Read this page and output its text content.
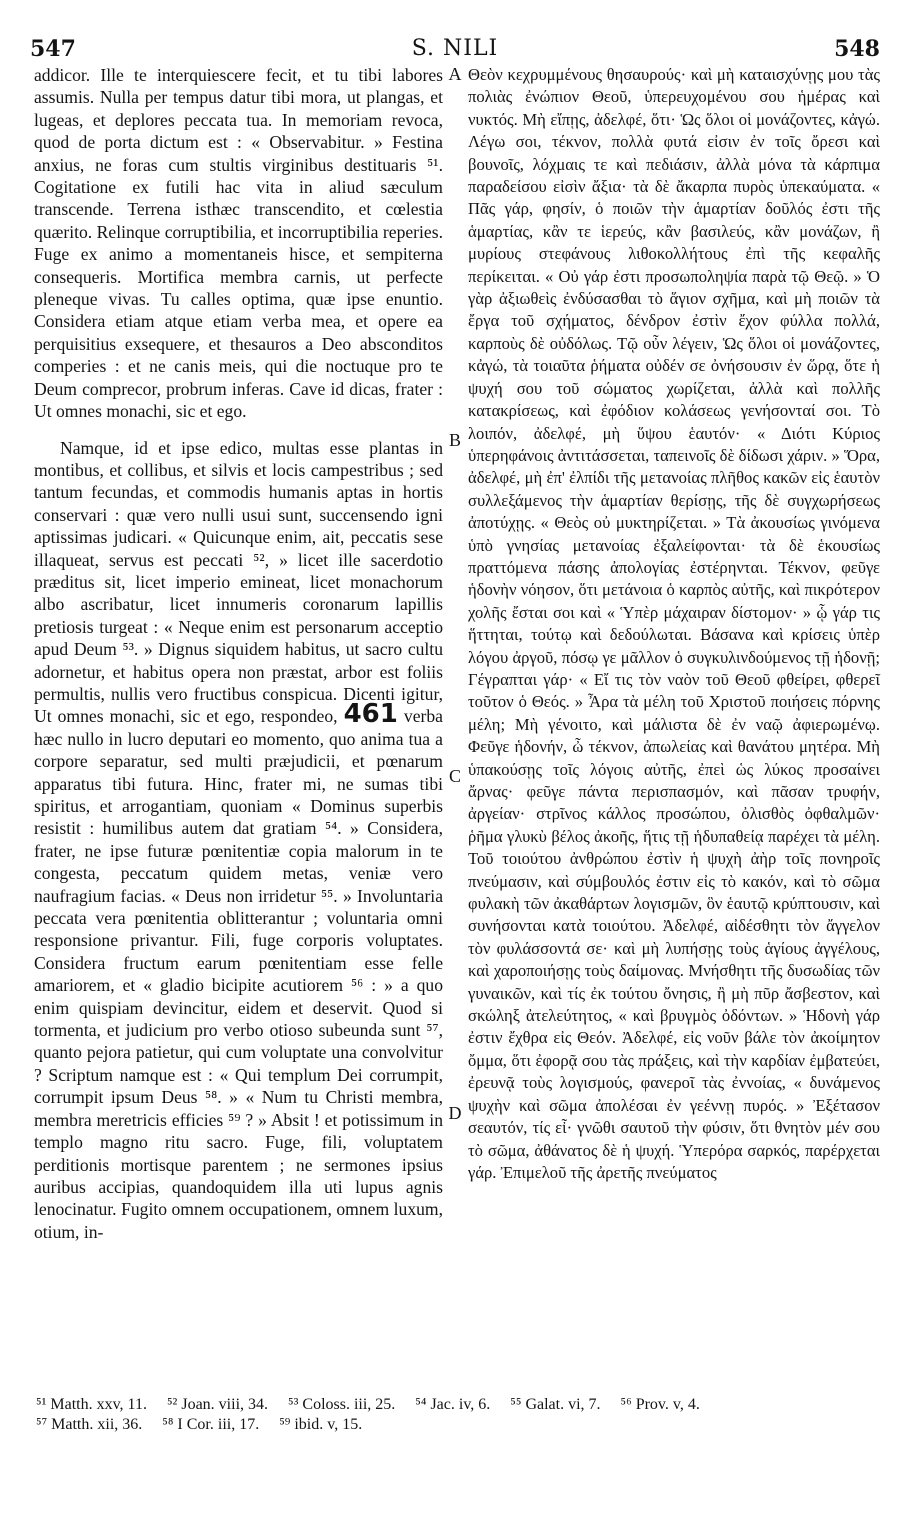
547	S. NILI	548

addicor. Ille te interquiescere fecit, et tu tibi labores assumis. Nulla per tempus datur tibi mora, ut plangas, et lugeas, et deplores peccata tua. In memoriam revoca, quod de porta dictum est : « Observabitur. » Festina anxius, ne foras cum stultis virginibus destituaris ⁵¹. Cogitatione ex futili hac vita in aliud sæculum transcende. Terrena isthæc transcendito, et cœlestia quærito. Relinque corruptibilia, et incorruptibilia reperies. Fuge ex animo a momentaneis hisce, et sempiterna consequeris. Mortifica membra carnis, ut perfecte pleneque vivas. Tu calles optima, quæ ipse enuntio. Considera etiam atque etiam verba mea, et opere ea perquisitius exsequere, et thesauros a Deo absconditos comperies : et ne canis meis, qui die noctuque pro te Deum comprecor, probrum inferas. Cave id dicas, frater : Ut omnes monachi, sic et ego.

Namque, id et ipse edico, multas esse plantas in montibus, et collibus, et silvis et locis campestribus ; sed tantum fecundas, et commodis humanis aptas in hortis conservari : quæ vero nulli usui sunt, succensendo igni aptissimas judicari. « Quicunque enim, ait, peccatis sese illaqueat, servus est peccati ⁵², » licet ille sacerdotio præditus sit, licet imperio emineat, licet monachorum albo ascribatur, licet innumeris coronarum lapillis pretiosis turgeat : « Neque enim est personarum acceptio apud Deum ⁵³. » Dignus siquidem habitus, ut sacro cultu adornetur, et habitus opera non præstat, arbor est foliis permultis, nullis vero fructibus conspicua. Dicenti igitur, Ut omnes monachi, sic et ego, respondeo, 461 verba hæc nullo in lucro deputari eo momento, quo anima tua a corpore separatur, sed multi præjudicii, et pœnarum apparatus tibi futura. Hinc, frater mi, ne sumas tibi spiritus, et arrogantiam, quoniam « Dominus superbis resistit : humilibus autem dat gratiam ⁵⁴. » Considera, frater, ne ipse futuræ pœnitentiæ copia malorum in te congesta, peccatum quidem metas, veniæ vero naufragium facias. « Deus non irridetur ⁵⁵. » Involuntaria peccata vera pœnitentia oblitterantur ; voluntaria omni responsione privantur. Fili, fuge corporis voluptates. Considera fructum earum pœnitentiam esse felle amariorem, et « gladio bicipite acutiorem ⁵⁶ : » a quo enim quispiam devincitur, eidem et deservit. Quod si tormenta, et judicium pro verbo otioso subeunda sunt ⁵⁷, quanto pejora patietur, qui cum voluptate una convolvitur ? Scriptum namque est : « Qui templum Dei corrumpit, corrumpit ipsum Deus ⁵⁸. » « Num tu Christi membra, membra meretricis efficies ⁵⁹ ? » Absit ! et potissimum in templo magno ritu sacro. Fuge, fili, voluptatem perditionis mortisque parentem ; ne sermones ipsius auribus accipias, quandoquidem illa uti lupus agnis lenocinatur. Fugito omnem occupationem, omnem luxum, otium, in-

A
B
C
D

Θεὸν κεχρυμμένους θησαυρούς· καὶ μὴ καταισχύνῃς μου τὰς πολιὰς ἐνώπιον Θεοῦ, ὑπερευχομένου σου ἡμέρας καὶ νυκτός. Μὴ εἴπῃς, ἀδελφέ, ὅτι· Ὡς ὅλοι οἱ μονάζοντες, κἀγώ. Λέγω σοι, τέκνον, πολλὰ φυτά εἰσιν ἐν τοῖς ὄρεσι καὶ βουνοῖς, λόχμαις τε καὶ πεδιάσιν, ἀλλὰ μόνα τὰ κάρπιμα παραδείσου εἰσὶν ἄξια· τὰ δὲ ἄκαρπα πυρὸς ὑπεκαύματα. « Πᾶς γάρ, φησίν, ὁ ποιῶν τὴν ἁμαρτίαν δοῦλός ἐστι τῆς ἁμαρτίας, κἂν τε ἱερεύς, κἂν βασιλεύς, κἂν μονάζων, ἢ μυρίους στεφάνους λιθοκολλήτους ἐπὶ τῆς κεφαλῆς περίκειται. « Οὐ γάρ ἐστι προσωποληψία παρὰ τῷ Θεῷ. » Ὁ γὰρ ἀξιωθεὶς ἐνδύσασθαι τὸ ἅγιον σχῆμα, καὶ μὴ ποιῶν τὰ ἔργα τοῦ σχήματος, δένδρον ἐστὶν ἔχον φύλλα πολλά, καρποὺς δὲ οὐδόλως. Τῷ οὖν λέγειν, Ὡς ὅλοι οἱ μονάζοντες, κἀγώ, τὰ τοιαῦτα ῥήματα οὐδέν σε ὀνήσουσιν ἐν ὥρᾳ, ὅτε ἡ ψυχή σου τοῦ σώματος χωρίζεται, ἀλλὰ καὶ πολλῆς κατακρίσεως, καὶ ἐφόδιον κολάσεως γενήσονταί σοι. Τὸ λοιπόν, ἀδελφέ, μὴ ὕψου ἑαυτόν· « Διότι Κύριος ὑπερηφάνοις ἀντιτάσσεται, ταπεινοῖς δὲ δίδωσι χάριν. » Ὅρα, ἀδελφέ, μὴ ἐπ' ἐλπίδι τῆς μετανοίας πλῆθος κακῶν εἰς ἑαυτὸν συλλεξάμενος τὴν ἁμαρτίαν θερίσῃς, τῆς δὲ συγχωρήσεως ἀποτύχῃς. « Θεὸς οὐ μυκτηρίζεται. » Τὰ ἀκουσίως γινόμενα ὑπὸ γνησίας μετανοίας ἐξαλείφονται· τὰ δὲ ἑκουσίως πραττόμενα πάσης ἀπολογίας ἐστέρηνται. Τέκνον, φεῦγε ἡδονὴν νόησον, ὅτι μετάνοια ὁ καρπὸς αὐτῆς, καὶ πικρότερον χολῆς ἔσται σοι καὶ « Ὑπὲρ μάχαιραν δίστομον· » ᾧ γάρ τις ἥττηται, τούτῳ καὶ δεδούλωται. Βάσανα καὶ κρίσεις ὑπὲρ λόγου ἀργοῦ, πόσῳ γε μᾶλλον ὁ συγκυλινδούμενος τῇ ἡδονῇ; Γέγραπται γάρ· « Εἴ τις τὸν ναὸν τοῦ Θεοῦ φθείρει, φθερεῖ τοῦτον ὁ Θεός. » Ἆρα τὰ μέλη τοῦ Χριστοῦ ποιήσεις πόρνης μέλη; Μὴ γένοιτο, καὶ μάλιστα δὲ ἐν ναῷ ἀφιερωμένῳ. Φεῦγε ἡδονήν, ὦ τέκνον, ἀπωλείας καὶ θανάτου μητέρα. Μὴ ὑπακούσῃς τοῖς λόγοις αὐτῆς, ἐπεὶ ὡς λύκος προσαίνει ἄρνας· φεῦγε πάντα περισπασμόν, καὶ πᾶσαν τρυφήν, ἀργείαν· στρῖνος κάλλος προσώπου, ὀλισθὸς ὀφθαλμῶν· ῥῆμα γλυκὺ βέλος ἀκοῆς, ἥτις τῇ ἡδυπαθείᾳ παρέχει τὰ μέλη. Τοῦ τοιούτου ἀνθρώπου ἐστὶν ἡ ψυχὴ ἀὴρ τοῖς πονηροῖς πνεύμασιν, καὶ σύμβουλός ἐστιν εἰς τὸ κακόν, καὶ τὸ σῶμα φυλακὴ τῶν ἀκαθάρτων λογισμῶν, ὃν ἑαυτῷ κρύπτουσιν, καὶ συνήσονται κατὰ τοιούτου. Ἀδελφέ, αἰδέσθητι τὸν ἄγγελον τὸν φυλάσσοντά σε· καὶ μὴ λυπήσῃς τοὺς ἁγίους ἀγγέλους, καὶ χαροποιήσῃς τοὺς δαίμονας. Μνήσθητι τῆς δυσωδίας τῶν γυναικῶν, καὶ τίς ἐκ τούτου ὄνησις, ἢ μὴ πῦρ ἄσβεστον, καὶ σκώληξ ἀτελεύτητος, « καὶ βρυγμὸς ὀδόντων. » Ἡδονὴ γάρ ἐστιν ἔχθρα εἰς Θεόν. Ἀδελφέ, εἰς νοῦν βάλε τὸν ἀκοίμητον ὄμμα, ὅτι ἐφορᾷ σου τὰς πράξεις, καὶ τὴν καρδίαν ἐμβατεύει, ἐρευνᾷ τοὺς λογισμούς, φανεροῖ τὰς ἐννοίας, « δυνάμενος ψυχὴν καὶ σῶμα ἀπολέσαι ἐν γεέννῃ πυρός. » Ἐξέτασον σεαυτόν, τίς εἶ· γνῶθι σαυτοῦ τὴν φύσιν, ὅτι θνητὸν μέν σου τὸ σῶμα, ἀθάνατος δὲ ἡ ψυχή. Ὑπερόρα σαρκός, παρέρχεται γάρ. Ἐπιμελοῦ τῆς ἀρετῆς πνεύματος

⁵¹ Matth. xxv, 11. ⁵² Joan. viii, 34. ⁵³ Coloss. iii, 25. ⁵⁴ Jac. iv, 6. ⁵⁵ Galat. vi, 7. ⁵⁶ Prov. v, 4.
⁵⁷ Matth. xii, 36. ⁵⁸ I Cor. iii, 17. ⁵⁹ ibid. v, 15.
